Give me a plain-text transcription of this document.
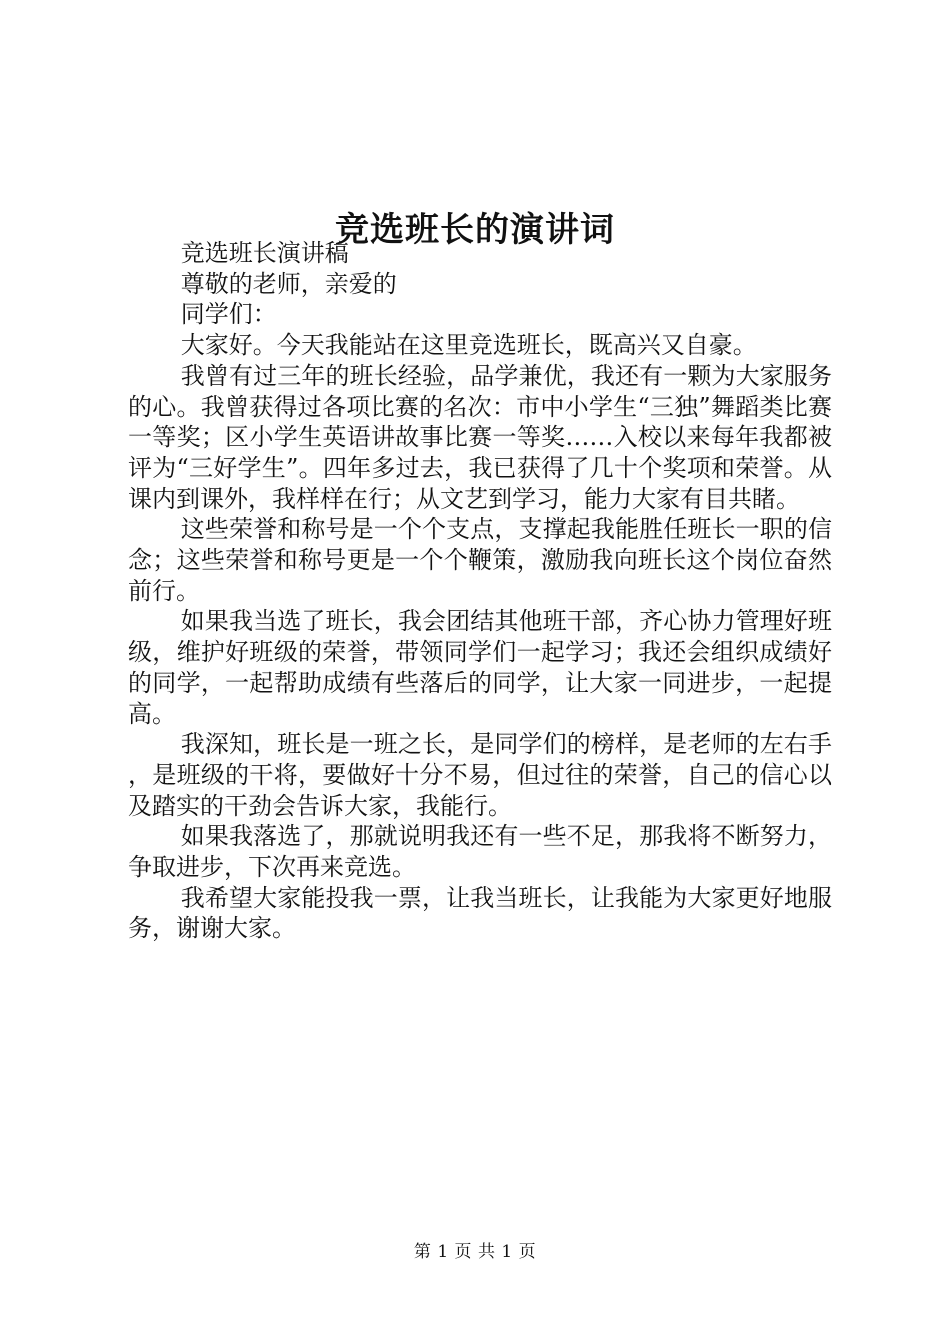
竞选班长的演讲词

竞选班长演讲稿

尊敬的老师，亲爱的

同学们：

大家好。今天我能站在这里竞选班长，既高兴又自豪。

我曾有过三年的班长经验，品学兼优，我还有一颗为大家服务的心。我曾获得过各项比赛的名次：市中小学生“三独”舞蹈类比赛一等奖；区小学生英语讲故事比赛一等奖……入校以来每年我都被评为“三好学生”。四年多过去，我已获得了几十个奖项和荣誉。从课内到课外，我样样在行；从文艺到学习，能力大家有目共睹。

这些荣誉和称号是一个个支点，支撑起我能胜任班长一职的信念；这些荣誉和称号更是一个个鞭策，激励我向班长这个岗位奋然前行。

如果我当选了班长，我会团结其他班干部，齐心协力管理好班级，维护好班级的荣誉，带领同学们一起学习；我还会组织成绩好的同学，一起帮助成绩有些落后的同学，让大家一同进步，一起提高。

我深知，班长是一班之长，是同学们的榜样，是老师的左右手，是班级的干将，要做好十分不易，但过往的荣誉，自己的信心以及踏实的干劲会告诉大家，我能行。

如果我落选了，那就说明我还有一些不足，那我将不断努力，争取进步，下次再来竞选。

我希望大家能投我一票，让我当班长，让我能为大家更好地服务，谢谢大家。

第 1 页 共 1 页
